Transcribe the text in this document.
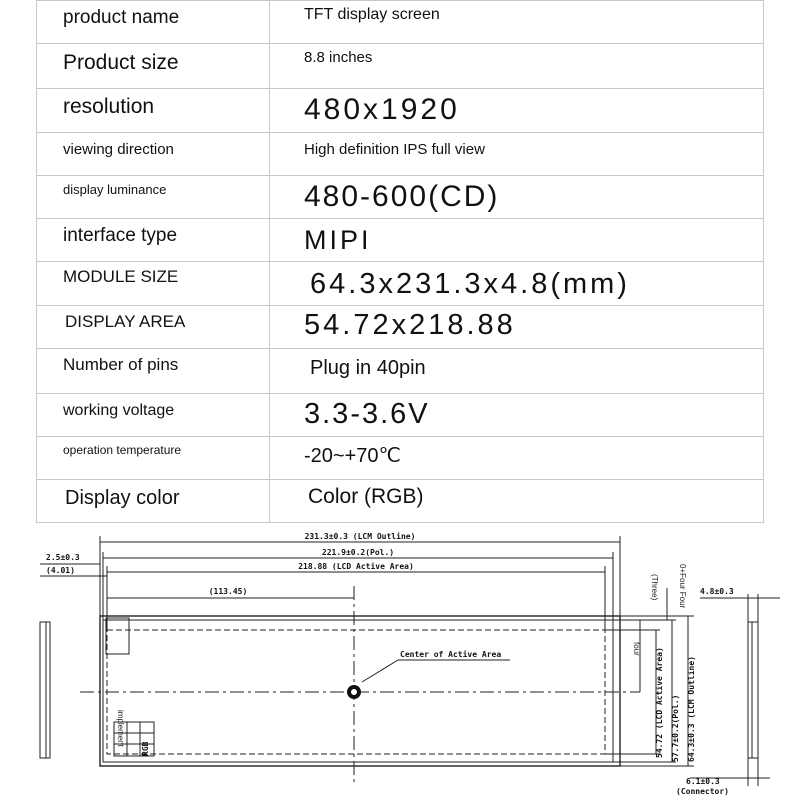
product name	TFT display screen
Product size	8.8 inches
resolution	480x1920
viewing direction	High definition IPS full view
display luminance	480-600(CD)
interface type	MIPI
MODULE SIZE	64.3x231.3x4.8(mm)
DISPLAY AREA	54.72x218.88
Number of pins	Plug in 40pin
working voltage	3.3-3.6V
operation temperature	-20~+70℃
Display color	Color (RGB)
231.3±0.3 (LCM Outline)
221.9±0.2(Pol.)
218.88 (LCD Active Area)
(113.45)
2.5±0.3
(4.01)
Center of Active Area
4.8±0.3
6.1±0.3
(Connector)
54.72 (LCD Active Area) 57.7±0.2(Pol.) 64.3±0.3 (LCM Outline)
RGB
(Three) 0+Four Four
four
implement
